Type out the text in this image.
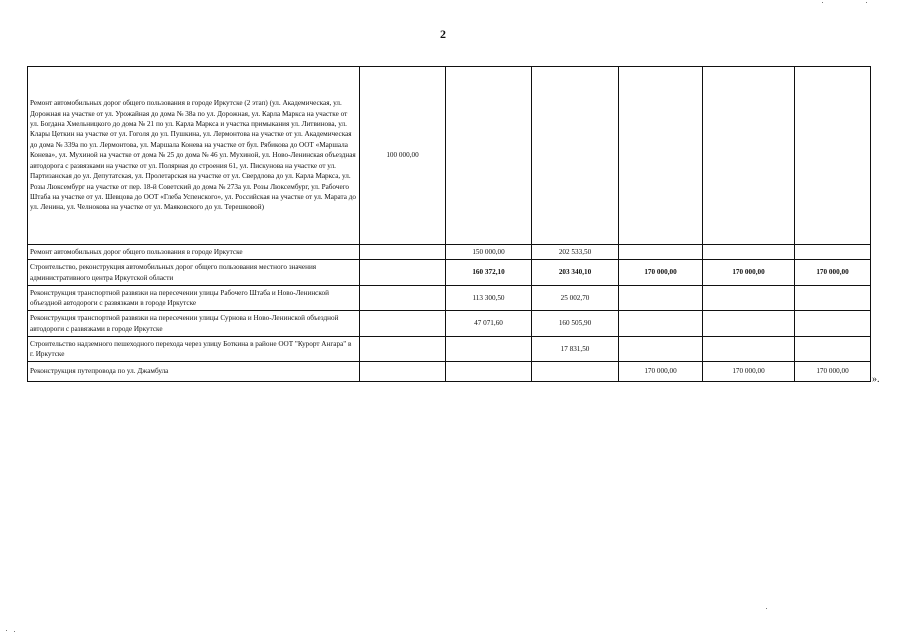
2
Ремонт автомобильных дорог общего пользования в городе Иркутске (2 этап) (ул. Академическая, ул. Дорожная на участке от ул. Урожайная до дома № 38а по ул. Дорожная, ул. Карла Маркса на участке от ул. Богдана Хмельницкого до дома № 21 по ул. Карла Маркса и участка примыкания ул. Литвинова, ул. Клары Цеткин на участке от ул. Гоголя до ул. Пушкина, ул. Лермонтова на участке от ул. Академическая до дома № 339а по ул. Лермонтова, ул. Маршала Конева на участке от бул. Рябикова до ООТ «Маршала Конева», ул. Мухиной на участке от дома № 25 до дома № 46 ул. Мухиной, ул. Ново-Ленинская объездная автодорога с развязками на участке от ул. Полярная до строения 61, ул. Пискунова на участке от ул. Партизанская до ул. Депутатская, ул. Пролетарская на участке от ул. Свердлова до ул. Карла Маркса, ул. Розы Люксембург на участке от пер. 18-й Советский до дома № 273а ул. Розы Люксембург, ул. Рабочего Штаба на участке от ул. Шевцова до ООТ «Глеба Успенского», ул. Российская на участке от ул. Марата до ул. Ленина, ул. Челнокова на участке от ул. Маяковского до ул. Терешковой)	100 000,00					
Ремонт автомобильных дорог общего пользования в городе Иркутске		150 000,00	202 533,50			
Строительство, реконструкция автомобильных дорог общего пользования местного значения административного центра Иркутской области		160 372,10	203 340,10	170 000,00	170 000,00	170 000,00
Реконструкция транспортной развязки на пересечении улицы Рабочего Штаба и Ново-Ленинской объездной автодороги с развязками в городе Иркутске		113 300,50	25 002,70			
Реконструкция транспортной развязки на пересечении улицы Сурнова и Ново-Ленинской объездной автодороги с развязками в городе Иркутске		47 071,60	160 505,90			
Строительство надземного пешеходного перехода через улицу Боткина в районе ООТ "Курорт Ангара" в г. Иркутске			17 831,50			
Реконструкция путепровода по ул. Джамбула				170 000,00	170 000,00	170 000,00
».
